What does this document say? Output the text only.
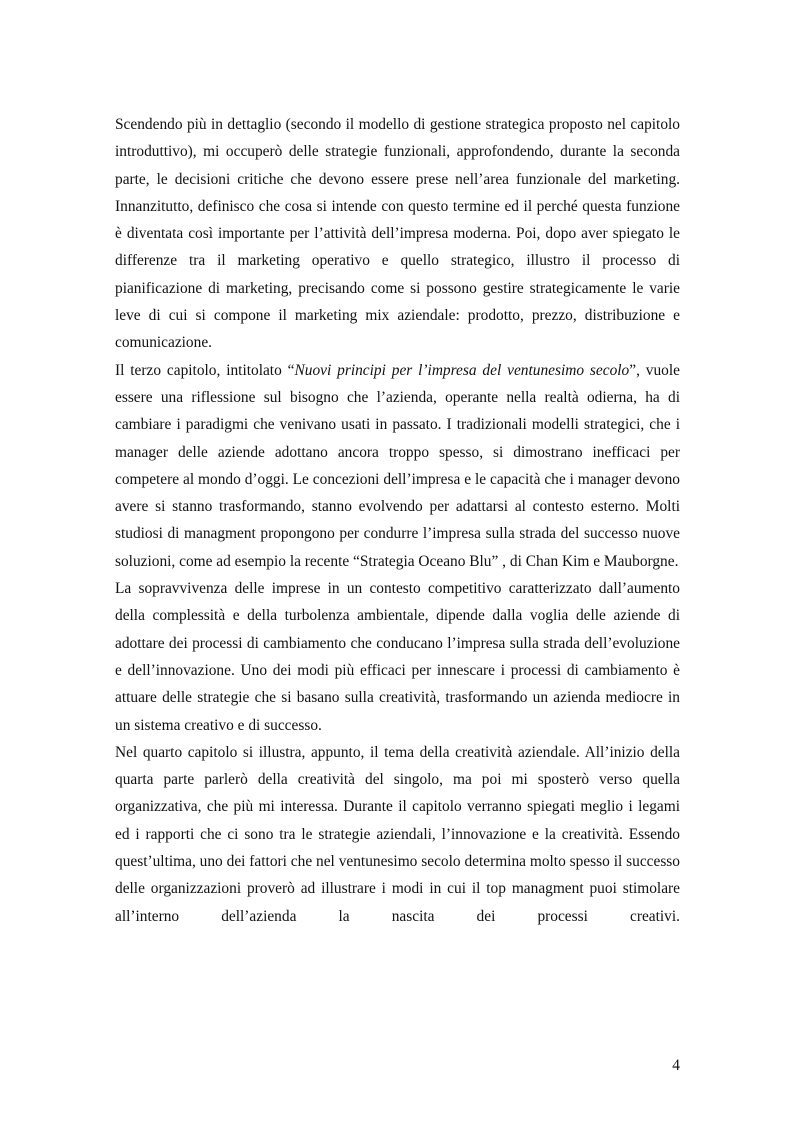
Scendendo più in dettaglio (secondo il modello di gestione strategica proposto nel capitolo introduttivo), mi occuperò delle strategie funzionali, approfondendo, durante la seconda parte, le decisioni critiche che devono essere prese nell’area funzionale del marketing. Innanzitutto, definisco che cosa si intende con questo termine ed il perché questa funzione è diventata così importante per l’attività dell’impresa moderna. Poi, dopo aver spiegato le differenze tra il marketing operativo e quello strategico, illustro il processo di pianificazione di marketing, precisando come si possono gestire strategicamente le varie leve di cui si compone il marketing mix aziendale: prodotto, prezzo, distribuzione e comunicazione.

Il terzo capitolo, intitolato “Nuovi principi per l’impresa del ventunesimo secolo”, vuole essere una riflessione sul bisogno che l’azienda, operante nella realtà odierna, ha di cambiare i paradigmi che venivano usati in passato. I tradizionali modelli strategici, che i manager delle aziende adottano ancora troppo spesso, si dimostrano inefficaci per competere al mondo d’oggi. Le concezioni dell’impresa e le capacità che i manager devono avere si stanno trasformando, stanno evolvendo per adattarsi al contesto esterno. Molti studiosi di managment propongono per condurre l’impresa sulla strada del successo nuove soluzioni, come ad esempio la recente “Strategia Oceano Blu” , di Chan Kim e Mauborgne.

La sopravvivenza delle imprese in un contesto competitivo caratterizzato dall’aumento della complessità e della turbolenza ambientale, dipende dalla voglia delle aziende di adottare dei processi di cambiamento che conducano l’impresa sulla strada dell’evoluzione e dell’innovazione. Uno dei modi più efficaci per innescare i processi di cambiamento è attuare delle strategie che si basano sulla creatività, trasformando un azienda mediocre in un sistema creativo e di successo.

Nel quarto capitolo si illustra, appunto, il tema della creatività aziendale. All’inizio della quarta parte parlerò della creatività del singolo, ma poi mi sposterò verso quella organizzativa, che più mi interessa. Durante il capitolo verranno spiegati meglio i legami ed i rapporti che ci sono tra le strategie aziendali, l’innovazione e la creatività. Essendo quest’ultima, uno dei fattori che nel ventunesimo secolo determina molto spesso il successo delle organizzazioni proverò ad illustrare i modi in cui il top managment puoi stimolare all’interno dell’azienda la nascita dei processi creativi.

4
